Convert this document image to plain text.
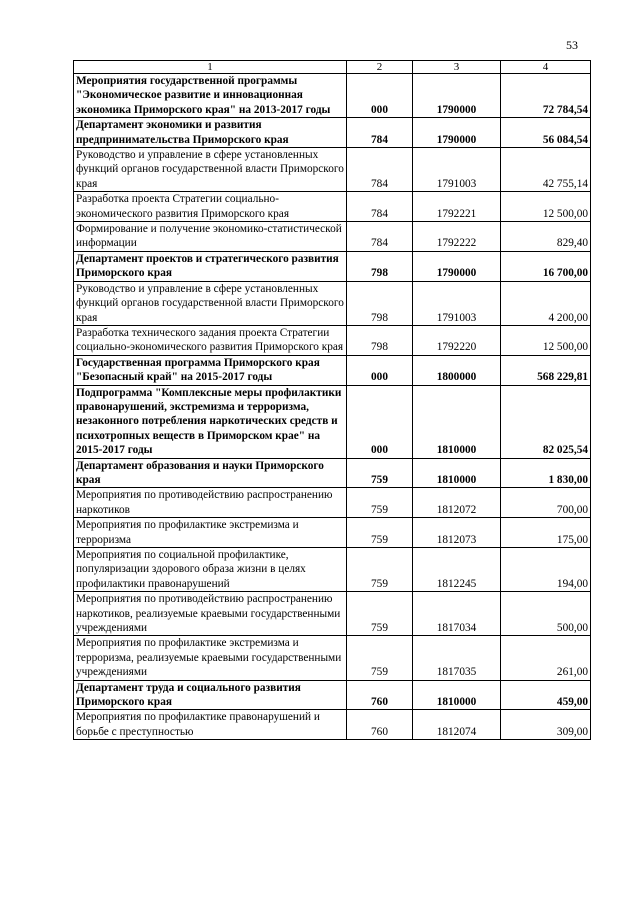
53
1	2	3	4
Мероприятия государственной программы "Экономическое развитие и инновационная экономика Приморского края" на 2013-2017 годы	000	1790000	72 784,54
Департамент экономики и развития предпринимательства Приморского края	784	1790000	56 084,54
Руководство и управление в сфере установленных функций органов государственной власти Приморского края	784	1791003	42 755,14
Разработка проекта Стратегии социально-экономического развития Приморского края	784	1792221	12 500,00
Формирование и получение экономико-статистической информации	784	1792222	829,40
Департамент проектов и стратегического развития Приморского края	798	1790000	16 700,00
Руководство и управление в сфере установленных функций органов государственной власти Приморского края	798	1791003	4 200,00
Разработка технического задания проекта Стратегии социально-экономического развития Приморского края	798	1792220	12 500,00
Государственная программа Приморского края "Безопасный край" на 2015-2017 годы	000	1800000	568 229,81
Подпрограмма "Комплексные меры профилактики правонарушений, экстремизма и терроризма, незаконного потребления наркотических средств и психотропных веществ в Приморском крае" на 2015-2017 годы	000	1810000	82 025,54
Департамент образования и науки Приморского края	759	1810000	1 830,00
Мероприятия по противодействию распространению наркотиков	759	1812072	700,00
Мероприятия по профилактике экстремизма и терроризма	759	1812073	175,00
Мероприятия по социальной профилактике, популяризации здорового образа жизни в целях профилактики правонарушений	759	1812245	194,00
Мероприятия по противодействию распространению наркотиков, реализуемые краевыми государственными учреждениями	759	1817034	500,00
Мероприятия по профилактике экстремизма и терроризма, реализуемые краевыми государственными учреждениями	759	1817035	261,00
Департамент труда и социального развития Приморского края	760	1810000	459,00
Мероприятия по профилактике правонарушений и борьбе с преступностью	760	1812074	309,00
